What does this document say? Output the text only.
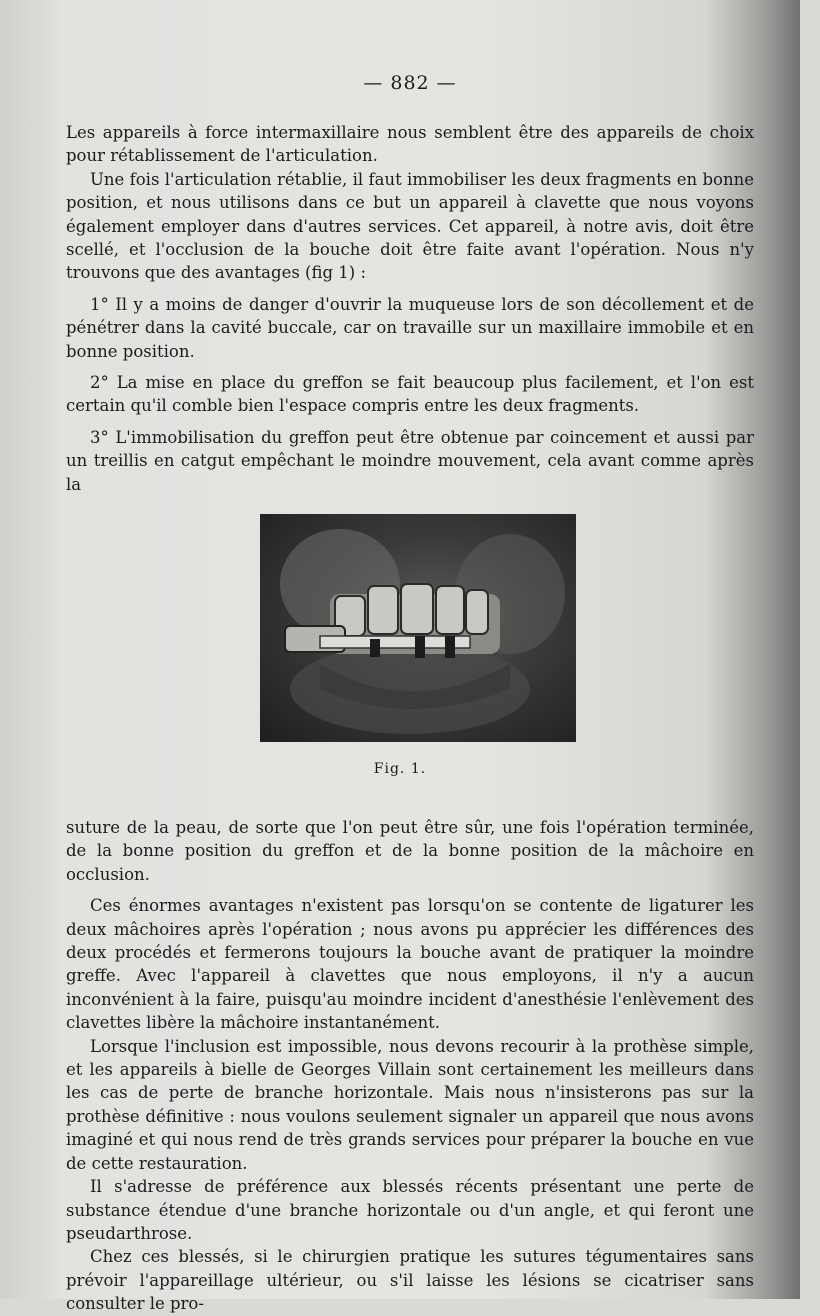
— 882 —

Les appareils à force intermaxillaire nous semblent être des appareils de choix pour rétablissement de l'articulation.

Une fois l'articulation rétablie, il faut immobiliser les deux fragments en bonne position, et nous utilisons dans ce but un appareil à clavette que nous voyons également employer dans d'autres services. Cet appareil, à notre avis, doit être scellé, et l'occlusion de la bouche doit être faite avant l'opération. Nous n'y trouvons que des avantages (fig 1) :

1° Il y a moins de danger d'ouvrir la muqueuse lors de son décollement et de pénétrer dans la cavité buccale, car on travaille sur un maxillaire immobile et en bonne position.

2° La mise en place du greffon se fait beaucoup plus facilement, et l'on est certain qu'il comble bien l'espace compris entre les deux fragments.

3° L'immobilisation du greffon peut être obtenue par coincement et aussi par un treillis en catgut empêchant le moindre mouvement, cela avant comme après la

Fig. 1.

suture de la peau, de sorte que l'on peut être sûr, une fois l'opération terminée, de la bonne position du greffon et de la bonne position de la mâchoire en occlusion.

Ces énormes avantages n'existent pas lorsqu'on se contente de ligaturer les deux mâchoires après l'opération ; nous avons pu apprécier les différences des deux procédés et fermerons toujours la bouche avant de pratiquer la moindre greffe. Avec l'appareil à clavettes que nous employons, il n'y a aucun inconvénient à la faire, puisqu'au moindre incident d'anesthésie l'enlèvement des clavettes libère la mâchoire instantanément.

Lorsque l'inclusion est impossible, nous devons recourir à la prothèse simple, et les appareils à bielle de Georges Villain sont certainement les meilleurs dans les cas de perte de branche horizontale. Mais nous n'insisterons pas sur la prothèse définitive : nous voulons seulement signaler un appareil que nous avons imaginé et qui nous rend de très grands services pour préparer la bouche en vue de cette restauration.

Il s'adresse de préférence aux blessés récents présentant une perte de substance étendue d'une branche horizontale ou d'un angle, et qui feront une pseudarthrose.

Chez ces blessés, si le chirurgien pratique les sutures tégumentaires sans prévoir l'appareillage ultérieur, ou s'il laisse les lésions se cicatriser sans consulter le pro-
